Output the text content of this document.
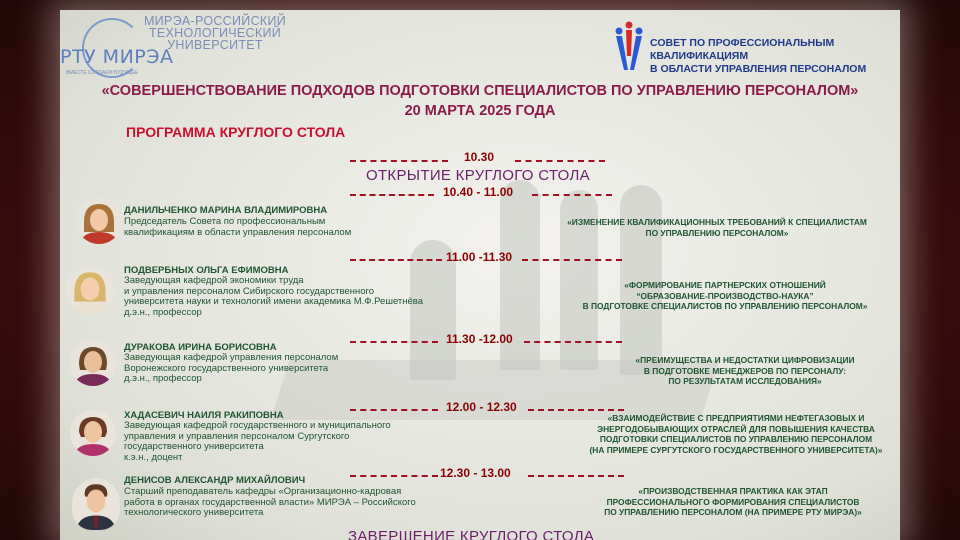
РТУ МИРЭА
МИРЭА-РОССИЙСКИЙ
ТЕХНОЛОГИЧЕСКИЙ
УНИВЕРСИТЕТ
ВМЕСТЕ СОЗДАЕМ БУДУЩЕЕ
СОВЕТ ПО ПРОФЕССИОНАЛЬНЫМ КВАЛИФИКАЦИЯМ
В ОБЛАСТИ УПРАВЛЕНИЯ ПЕРСОНАЛОМ
«СОВЕРШЕНСТВОВАНИЕ ПОДХОДОВ ПОДГОТОВКИ СПЕЦИАЛИСТОВ ПО УПРАВЛЕНИЮ ПЕРСОНАЛОМ»
20 МАРТА 2025 ГОДА
ПРОГРАММА КРУГЛОГО СТОЛА
10.30
ОТКРЫТИЕ КРУГЛОГО СТОЛА
10.40 - 11.00
ДАНИЛЬЧЕНКО МАРИНА ВЛАДИМИРОВНА
Председатель Совета по профессиональным
квалификациям в области управления персоналом
«ИЗМЕНЕНИЕ КВАЛИФИКАЦИОННЫХ ТРЕБОВАНИЙ К СПЕЦИАЛИСТАМ
ПО УПРАВЛЕНИЮ ПЕРСОНАЛОМ»
11.00 -11.30
ПОДВЕРБНЫХ ОЛЬГА ЕФИМОВНА
Заведующая кафедрой экономики труда
и управления персоналом Сибирского государственного
университета науки и технологий имени академика М.Ф.Решетнёва
д.э.н., профессор
«ФОРМИРОВАНИЕ ПАРТНЕРСКИХ ОТНОШЕНИЙ
“ОБРАЗОВАНИЕ-ПРОИЗВОДСТВО-НАУКА”
В ПОДГОТОВКЕ СПЕЦИАЛИСТОВ ПО УПРАВЛЕНИЮ ПЕРСОНАЛОМ»
11.30 -12.00
ДУРАКОВА ИРИНА БОРИСОВНА
Заведующая кафедрой управления персоналом
Воронежского государственного университета
д.э.н., профессор
«ПРЕИМУЩЕСТВА И НЕДОСТАТКИ ЦИФРОВИЗАЦИИ
В ПОДГОТОВКЕ МЕНЕДЖЕРОВ ПО ПЕРСОНАЛУ:
ПО РЕЗУЛЬТАТАМ ИССЛЕДОВАНИЯ»
12.00 - 12.30
ХАДАСЕВИЧ НАИЛЯ РАКИПОВНА
Заведующая кафедрой государственного и муниципального
управления и управления персоналом Сургутского
государственного университета
к.э.н., доцент
«ВЗАИМОДЕЙСТВИЕ С ПРЕДПРИЯТИЯМИ НЕФТЕГАЗОВЫХ И
ЭНЕРГОДОБЫВАЮЩИХ ОТРАСЛЕЙ ДЛЯ ПОВЫШЕНИЯ КАЧЕСТВА
ПОДГОТОВКИ СПЕЦИАЛИСТОВ ПО УПРАВЛЕНИЮ ПЕРСОНАЛОМ
(НА ПРИМЕРЕ СУРГУТСКОГО ГОСУДАРСТВЕННОГО УНИВЕРСИТЕТА)»
12.30 - 13.00
ДЕНИСОВ АЛЕКСАНДР МИХАЙЛОВИЧ
Старший преподаватель кафедры «Организационно-кадровая
работа в органах государственной власти» МИРЭА – Российского
технологического университета
«ПРОИЗВОДСТВЕННАЯ ПРАКТИКА КАК ЭТАП
ПРОФЕССИОНАЛЬНОГО ФОРМИРОВАНИЯ СПЕЦИАЛИСТОВ
ПО УПРАВЛЕНИЮ ПЕРСОНАЛОМ (НА ПРИМЕРЕ РТУ МИРЭА)»
ЗАВЕРШЕНИЕ КРУГЛОГО СТОЛА
